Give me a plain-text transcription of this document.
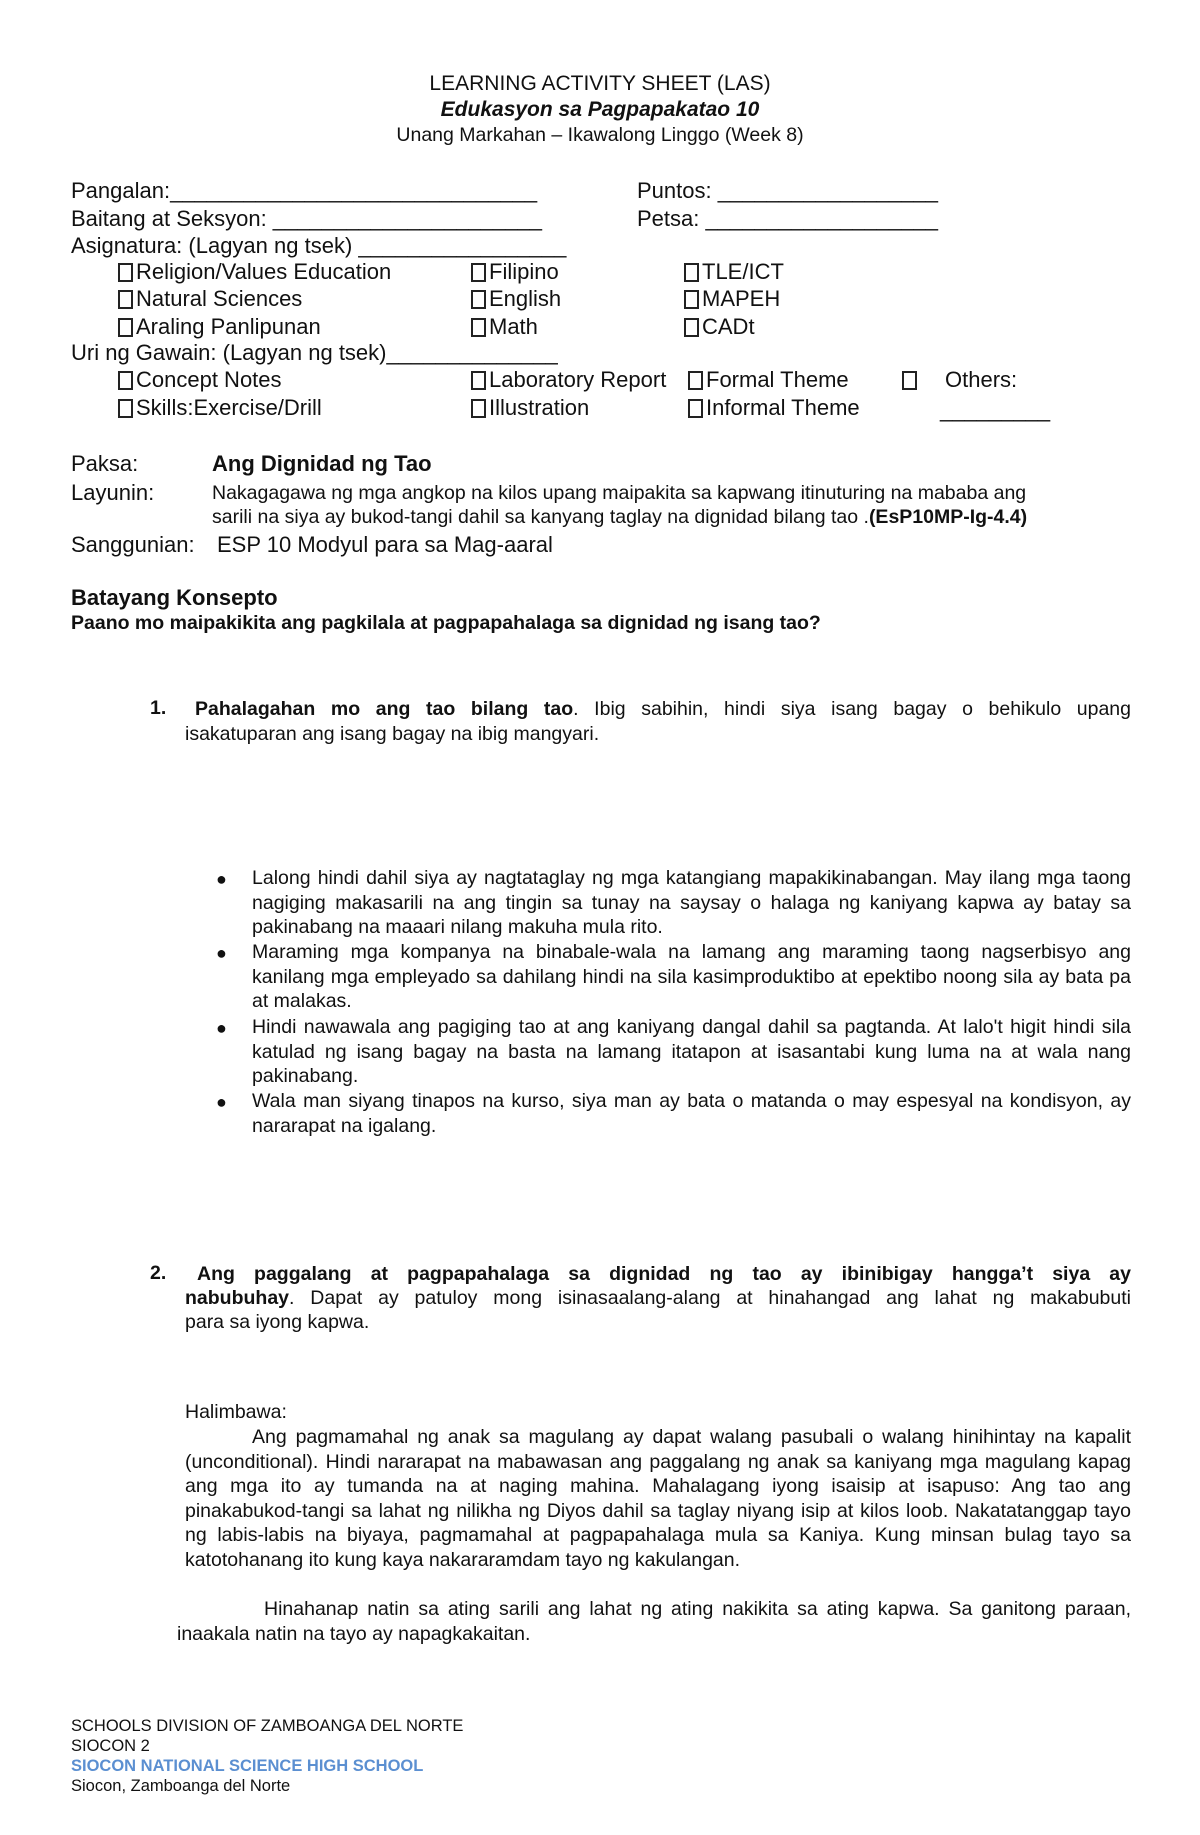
LEARNING ACTIVITY SHEET (LAS)
Edukasyon sa Pagpapakatao 10
Unang Markahan – Ikawalong Linggo (Week 8)
Pangalan:______________________________	Puntos: __________________
Baitang at Seksyon: ______________________	Petsa: ___________________
Asignatura: (Lagyan ng tsek) _________________
Religion/Values Education	Filipino	TLE/ICT
Natural Sciences	English	MAPEH
Araling Panlipunan	Math	CADt
Uri ng Gawain: (Lagyan ng tsek)______________
Concept Notes	Laboratory Report	Formal Theme	Others:
Skills:Exercise/Drill	Illustration	Informal Theme	_________
Paksa:	Ang Dignidad ng Tao
Layunin:	Nakagagawa ng mga angkop na kilos upang maipakita sa kapwang itinuturing na mababa ang
sarili na siya ay bukod-tangi dahil sa kanyang taglay na dignidad bilang tao .(EsP10MP-Ig-4.4)
Sanggunian: ESP 10 Modyul para sa Mag-aaral
Batayang Konsepto
Paano mo maipakikita ang pagkilala at pagpapahalaga sa dignidad ng isang tao?
1. Pahalagahan mo ang tao bilang tao. Ibig sabihin, hindi siya isang bagay o behikulo upang
isakatuparan ang isang bagay na ibig mangyari.
● Lalong hindi dahil siya ay nagtataglay ng mga katangiang mapakikinabangan. May ilang mga taong nagiging makasarili na ang tingin sa tunay na saysay o halaga ng kaniyang kapwa ay batay sa pakinabang na maaari nilang makuha mula rito.
● Maraming mga kompanya na binabale-wala na lamang ang maraming taong nagserbisyo ang kanilang mga empleyado sa dahilang hindi na sila kasimproduktibo at epektibo noong sila ay bata pa at malakas.
● Hindi nawawala ang pagiging tao at ang kaniyang dangal dahil sa pagtanda. At lalo't higit hindi sila katulad ng isang bagay na basta na lamang itatapon at isasantabi kung luma na at wala nang pakinabang.
● Wala man siyang tinapos na kurso, siya man ay bata o matanda o may espesyal na kondisyon, ay nararapat na igalang.
2. Ang paggalang at pagpapahalaga sa dignidad ng tao ay ibinibigay hangga’t siya ay
nabubuhay. Dapat ay patuloy mong isinasaalang-alang at hinahangad ang lahat ng makabubuti
para sa iyong kapwa.
Halimbawa:
Ang pagmamahal ng anak sa magulang ay dapat walang pasubali o walang hinihintay na kapalit (unconditional). Hindi nararapat na mabawasan ang paggalang ng anak sa kaniyang mga magulang kapag ang mga ito ay tumanda na at naging mahina. Mahalagang iyong isaisip at isapuso: Ang tao ang pinakabukod-tangi sa lahat ng nilikha ng Diyos dahil sa taglay niyang isip at kilos loob. Nakatatanggap tayo ng labis-labis na biyaya, pagmamahal at pagpapahalaga mula sa Kaniya. Kung minsan bulag tayo sa katotohanang ito kung kaya nakararamdam tayo ng kakulangan.
Hinahanap natin sa ating sarili ang lahat ng ating nakikita sa ating kapwa. Sa ganitong paraan, inaakala natin na tayo ay napagkakaitan.
SCHOOLS DIVISION OF ZAMBOANGA DEL NORTE
SIOCON 2
SIOCON NATIONAL SCIENCE HIGH SCHOOL
Siocon, Zamboanga del Norte
